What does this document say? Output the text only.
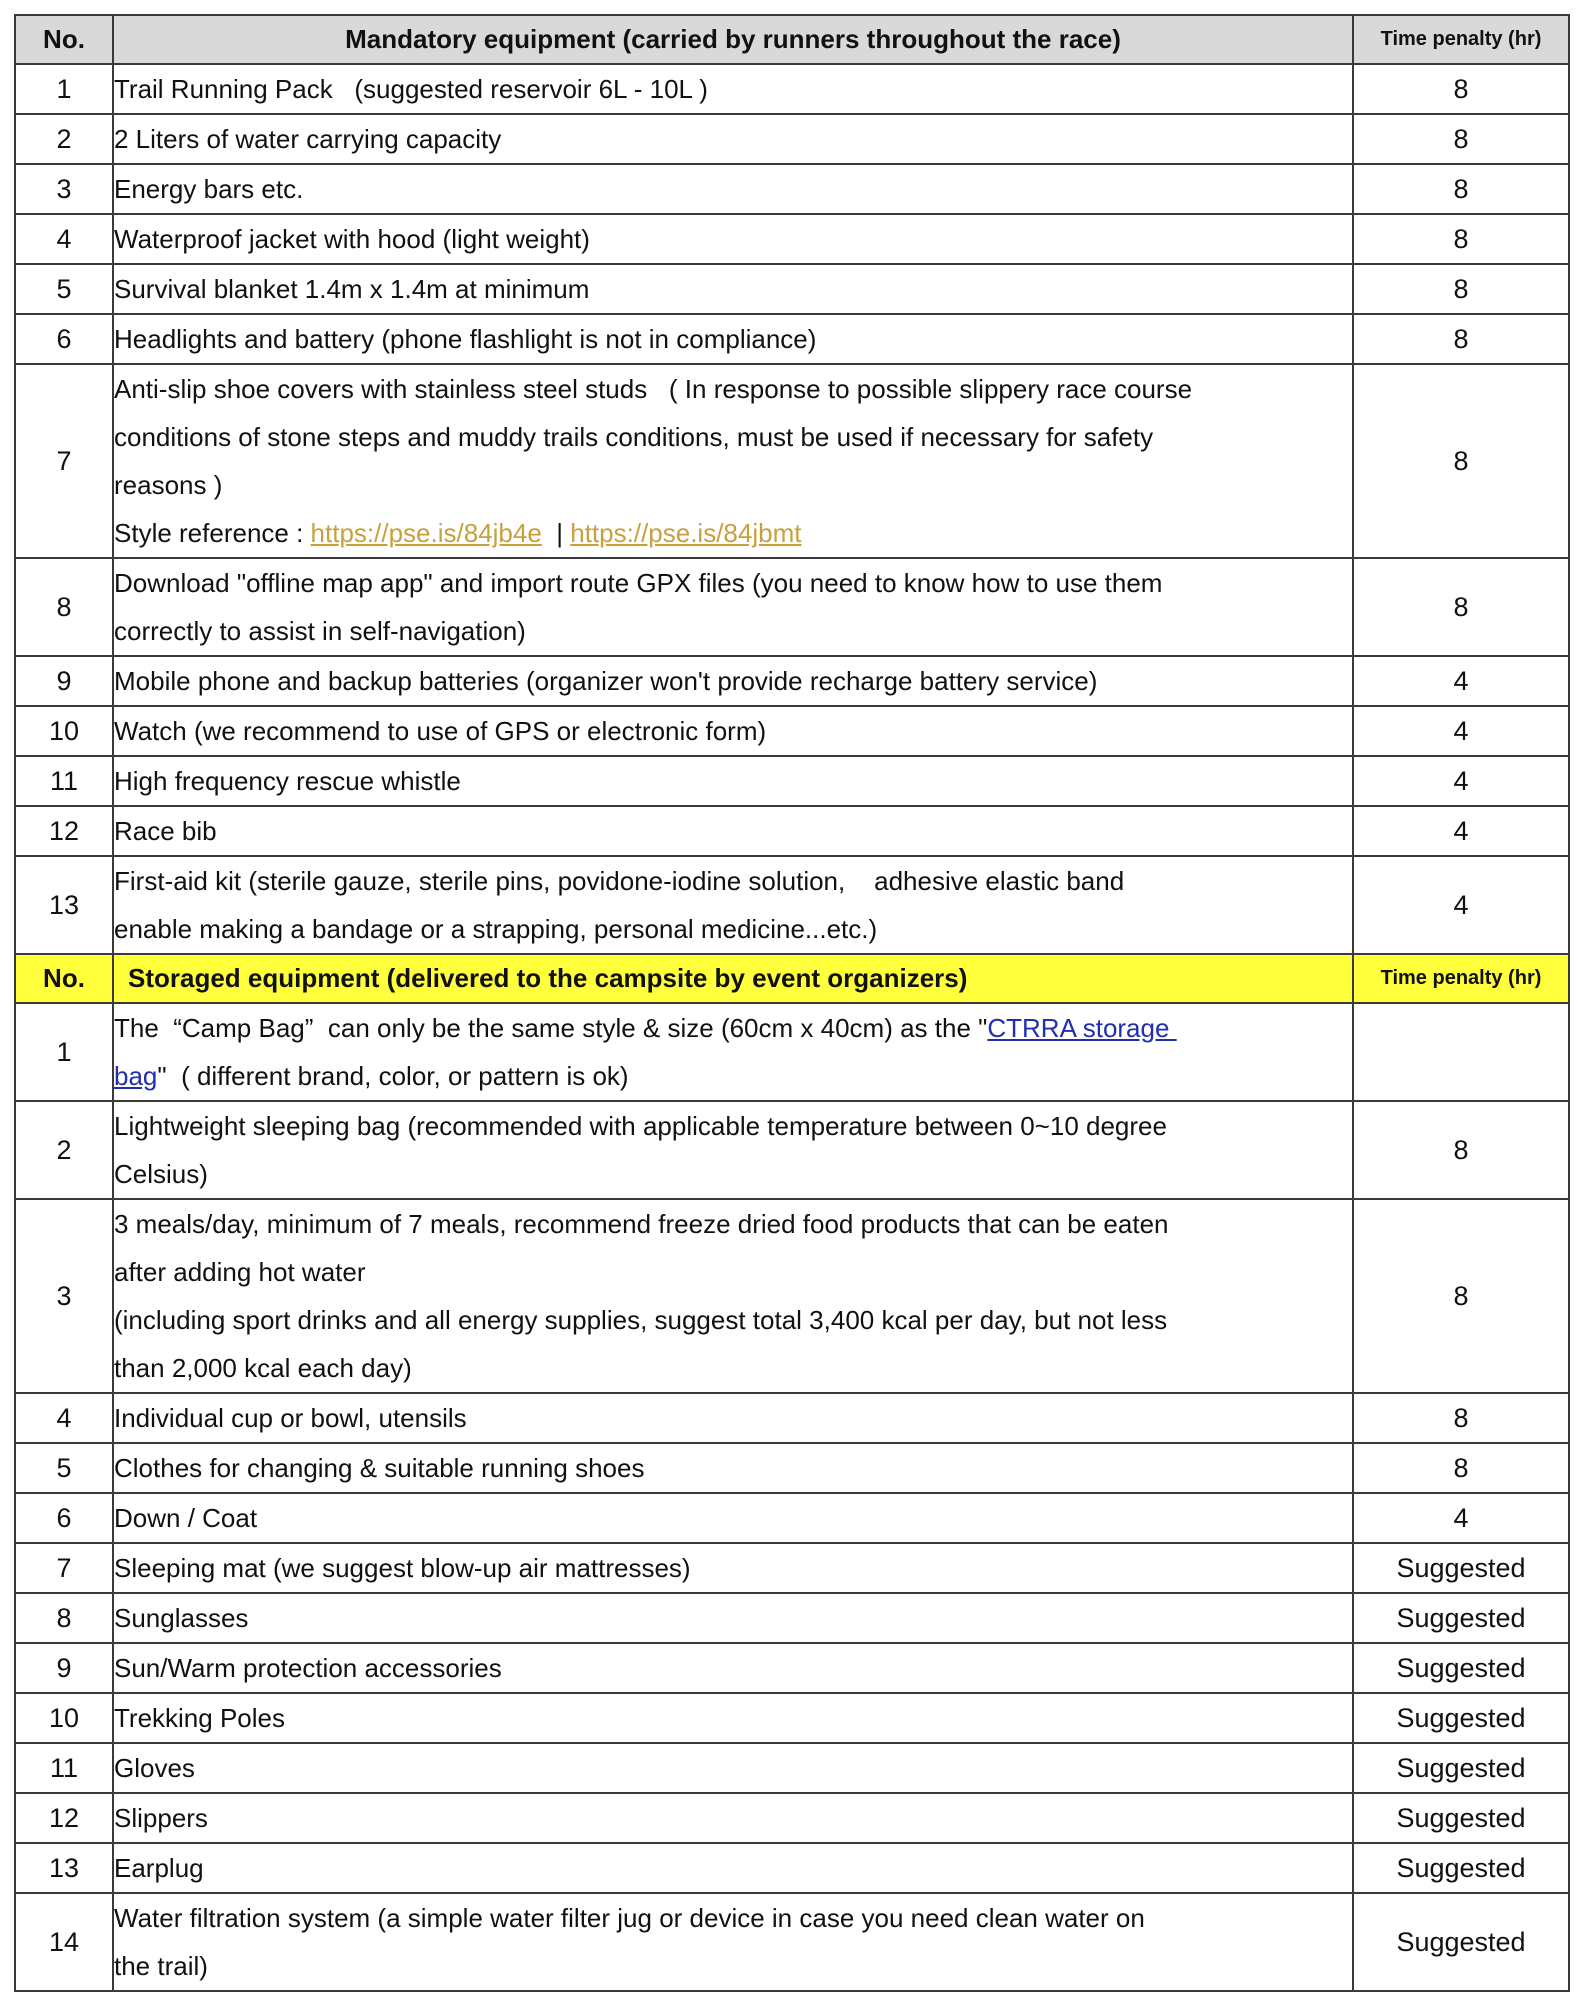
No.	Mandatory equipment (carried by runners throughout the race)	Time penalty (hr)
1	Trail Running Pack   (suggested reservoir 6L - 10L )	8
2	2 Liters of water carrying capacity	8
3	Energy bars etc.	8
4	Waterproof jacket with hood (light weight)	8
5	Survival blanket 1.4m x 1.4m at minimum	8
6	Headlights and battery (phone flashlight is not in compliance)	8
7	Anti-slip shoe covers with stainless steel studs   ( In response to possible slippery race course
conditions of stone steps and muddy trails conditions, must be used if necessary for safety
reasons )
Style reference : https://pse.is/84jb4e  | https://pse.is/84jbmt	8
8	Download "offline map app" and import route GPX files (you need to know how to use them
correctly to assist in self-navigation)	8
9	Mobile phone and backup batteries (organizer won't provide recharge battery service)	4
10	Watch (we recommend to use of GPS or electronic form)	4
11	High frequency rescue whistle	4
12	Race bib	4
13	First-aid kit (sterile gauze, sterile pins, povidone-iodine solution,    adhesive elastic band
enable making a bandage or a strapping, personal medicine...etc.)	4
No.	Storaged equipment (delivered to the campsite by event organizers)	Time penalty (hr)
1	The  “Camp Bag”  can only be the same style & size (60cm x 40cm) as the "CTRRA storage
bag"  ( different brand, color, or pattern is ok)	
2	Lightweight sleeping bag (recommended with applicable temperature between 0~10 degree
Celsius)	8
3	3 meals/day, minimum of 7 meals, recommend freeze dried food products that can be eaten
after adding hot water
(including sport drinks and all energy supplies, suggest total 3,400 kcal per day, but not less
than 2,000 kcal each day)	8
4	Individual cup or bowl, utensils	8
5	Clothes for changing & suitable running shoes	8
6	Down / Coat	4
7	Sleeping mat (we suggest blow-up air mattresses)	Suggested
8	Sunglasses	Suggested
9	Sun/Warm protection accessories	Suggested
10	Trekking Poles	Suggested
11	Gloves	Suggested
12	Slippers	Suggested
13	Earplug	Suggested
14	Water filtration system (a simple water filter jug or device in case you need clean water on
the trail)	Suggested
